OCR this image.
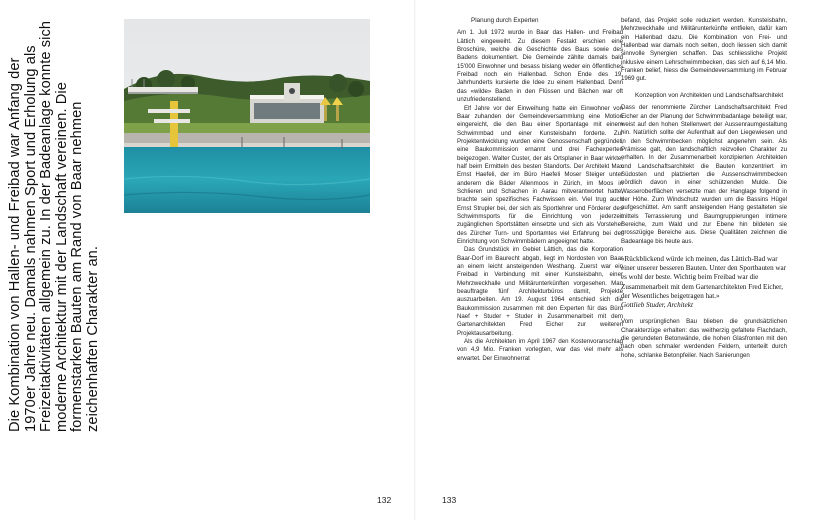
Die Kombination von Hallen- und Freibad war Anfang der 1970er Jahre neu. Damals nahmen Sport und Erholung als Freizeitaktivitäten allgemein zu. In der Badeanlage konnte sich moderne Architektur mit der Landschaft vereinen. Die formenstarken Bauten am Rand von Baar nehmen zeichenhaften Charakter an.
132	133
Planung durch Experten

Am 1. Juli 1972 wurde in Baar das Hallen- und Freibad Lättich eingeweiht. Zu diesem Festakt erschien eine Broschüre, welche die Geschichte des Baus sowie des Badens dokumentiert. Die Gemeinde zählte damals bald 15'000 Einwohner und besass bislang weder ein öffentliches Freibad noch ein Hallenbad. Schon Ende des 19. Jahrhunderts kursierte die Idee zu einem Hallenbad. Denn das «wilde» Baden in den Flüssen und Bächen war oft unzufriedenstellend.

Elf Jahre vor der Einweihung hatte ein Einwohner von Baar zuhanden der Gemeindeversammlung eine Motion eingereicht, die den Bau einer Sportanlage mit einem Schwimmbad und einer Kunsteisbahn forderte. Zur Projektentwicklung wurden eine Genossenschaft gegründet, eine Baukommission ernannt und drei Fachexperten beigezogen. Walter Custer, der als Ortsplaner in Baar wirkte, half beim Ermitteln des besten Standorts. Der Architekt Max Ernst Haefeli, der im Büro Haefeli Moser Steiger unter anderem die Bäder Allenmoos in Zürich, im Moos in Schlieren und Schachen in Aarau mitverantwortet hatte, brachte sein spezifisches Fachwissen ein. Viel trug auch Ernst Strupler bei, der sich als Sportlehrer und Förderer des Schwimmsports für die Einrichtung von jederzeit zugänglichen Sportstätten einsetzte und sich als Vorsteher des Zürcher Turn- und Sportamtes viel Erfahrung bei der Einrichtung von Schwimmbädern angeeignet hatte.

Das Grundstück im Gebiet Lättich, das die Korporation Baar-Dorf im Baurecht abgab, liegt im Nordosten von Baar an einem leicht ansteigenden Westhang. Zuerst war ein Freibad in Verbindung mit einer Kunsteisbahn, einer Mehrzweckhalle und Militärunterkünften vorgesehen. Man beauftragte fünf Architekturbüros damit, Projekte auszuarbeiten. Am 19. August 1964 entschied sich die Baukommission zusammen mit den Experten für das Büro Naef + Studer + Studer in Zusammenarbeit mit dem Gartenarchitekten Fred Eicher zur weiteren Projektausarbeitung.

Als die Architekten im April 1967 den Kostenvoranschlag von 4,9 Mio. Franken vorlegten, war das viel mehr als erwartet. Der Einwohnerrat

befand, das Projekt solle reduziert werden. Kunsteisbahn, Mehrzweckhalle und Militärunterkünfte entfielen, dafür kam ein Hallenbad dazu. Die Kombination von Frei- und Hallenbad war damals noch selten, doch liessen sich damit sinnvolle Synergien schaffen. Das schliessliche Projekt inklusive einem Lehrschwimmbecken, das sich auf 6,14 Mio. Franken belief, hiess die Gemeindeversammlung im Februar 1969 gut.

Konzeption von Architekten und Landschaftsarchitekt

Dass der renommierte Zürcher Landschaftsarchitekt Fred Eicher an der Planung der Schwimmbadanlage beteiligt war, weist auf den hohen Stellenwert der Aussenraumgestaltung hin. Natürlich sollte der Aufenthalt auf den Liegewiesen und in den Schwimmbecken möglichst angenehm sein. Als Prämisse galt, den landschaftlich reizvollen Charakter zu erhalten. In der Zusammenarbeit konzipierten Architekten und Landschaftsarchitekt die Bauten konzentriert im Südosten und platzierten die Aussenschwimmbecken nördlich davon in einer schützenden Mulde. Die Wasseroberflächen versetzte man der Hanglage folgend in der Höhe. Zum Windschutz wurden um die Bassins Hügel aufgeschüttet. Am sanft ansteigenden Hang gestalteten sie mittels Terrassierung und Baumgruppierungen intimere Bereiche, zum Wald und zur Ebene hin bildeten sie grosszügige Bereiche aus. Diese Qualitäten zeichnen die Badeanlage bis heute aus.

«Rückblickend würde ich meinen, das Lättich-Bad war einer unserer besseren Bauten. Unter den Sportbauten war es wohl der beste. Wichtig beim Freibad war die Zusammenarbeit mit dem Gartenarchitekten Fred Eicher, der Wesentliches beigetragen hat.»
Gottlieb Studer, Architekt

Vom ursprünglichen Bau blieben die grundsätzlichen Charakterzüge erhalten: das weitherzig gefaltete Flachdach, die gerundeten Betonwände, die hohen Glasfronten mit den nach oben schmaler werdenden Feldern, unterteilt durch hohe, schlanke Betonpfeiler. Nach Sanierungen
